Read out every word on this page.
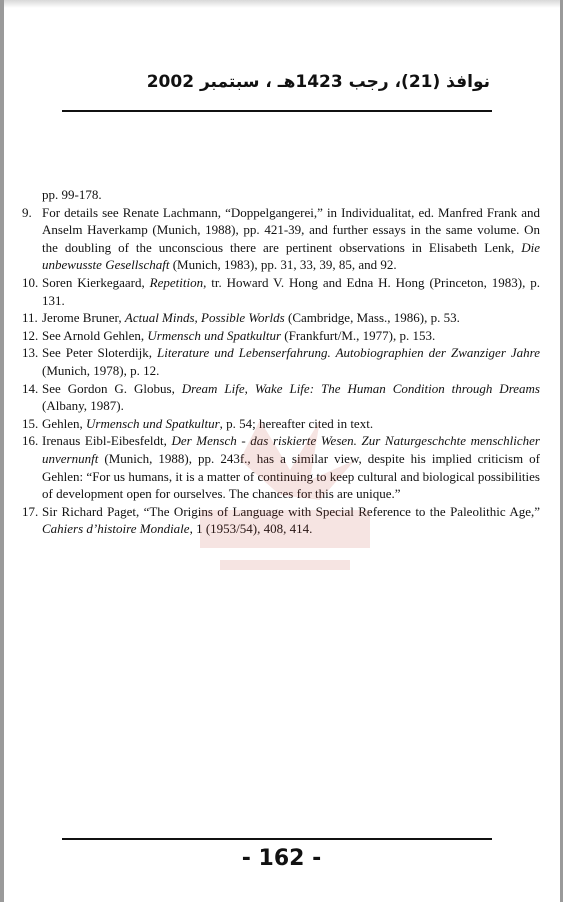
نوافذ (21)، رجب 1423هـ ، سبتمبر 2002
pp. 99-178.
9. For details see Renate Lachmann, “Doppelgangerei,” in Individualitat, ed. Manfred Frank and Anselm Haverkamp (Munich, 1988), pp. 421-39, and further essays in the same volume. On the doubling of the unconscious there are pertinent observations in Elisabeth Lenk, Die unbewusste Gesellschaft (Munich, 1983), pp. 31, 33, 39, 85, and 92.
10. Soren Kierkegaard, Repetition, tr. Howard V. Hong and Edna H. Hong (Princeton, 1983), p. 131.
11. Jerome Bruner, Actual Minds, Possible Worlds (Cambridge, Mass., 1986), p. 53.
12. See Arnold Gehlen, Urmensch und Spatkultur (Frankfurt/M., 1977), p. 153.
13. See Peter Sloterdijk, Literature und Lebenserfahrung. Autobiographien der Zwanziger Jahre (Munich, 1978), p. 12.
14. See Gordon G. Globus, Dream Life, Wake Life: The Human Condition through Dreams (Albany, 1987).
15. Gehlen, Urmensch und Spatkultur, p. 54; hereafter cited in text.
16. Irenaus Eibl-Eibesfeldt, Der Mensch - das riskierte Wesen. Zur Naturgeschchte menschlicher unvernunft (Munich, 1988), pp. 243f., has a similar view, despite his implied criticism of Gehlen: “For us humans, it is a matter of continuing to keep cultural and biological possibilities of development open for ourselves. The chances for this are unique.”
17. Sir Richard Paget, “The Origins of Language with Special Reference to the Paleolithic Age,” Cahiers d’histoire Mondiale, 1 (1953/54), 408, 414.
- 162 -
